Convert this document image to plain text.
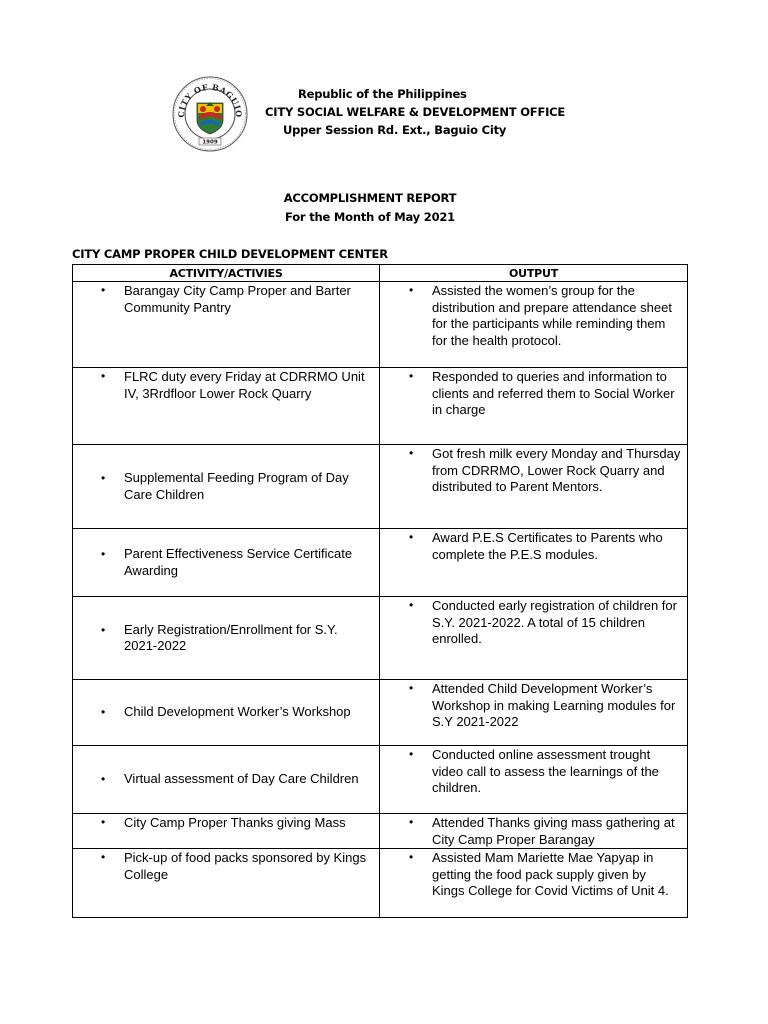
CITY OF BAGUIO
1909
Republic of the Philippines
CITY SOCIAL WELFARE & DEVELOPMENT OFFICE
Upper Session Rd. Ext., Baguio City
ACCOMPLISHMENT REPORT
For the Month of May 2021
CITY CAMP PROPER CHILD DEVELOPMENT CENTER
ACTIVITY/ACTIVIES	OUTPUT

• Barangay City Camp Proper and Barter Community Pantry	• Assisted the women’s group for the distribution and prepare attendance sheet for the participants while reminding them for the health protocol.

• FLRC duty every Friday at CDRRMO Unit IV, 3Rrdfloor Lower Rock Quarry	• Responded to queries and information to clients and referred them to Social Worker in charge

• Supplemental Feeding Program of Day Care Children	• Got fresh milk every Monday and Thursday from CDRRMO, Lower Rock Quarry and distributed to Parent Mentors.

• Parent Effectiveness Service Certificate Awarding	• Award P.E.S Certificates to Parents who complete the P.E.S modules.

• Early Registration/Enrollment for S.Y. 2021-2022	• Conducted early registration of children for S.Y. 2021-2022. A total of 15 children enrolled.

• Child Development Worker’s Workshop	• Attended Child Development Worker’s Workshop in making Learning modules for S.Y 2021-2022

• Virtual assessment of Day Care Children	• Conducted online assessment trought video call to assess the learnings of the children.

• City Camp Proper Thanks giving Mass	• Attended Thanks giving mass gathering at City Camp Proper Barangay

• Pick-up of food packs sponsored by Kings College	• Assisted Mam Mariette Mae Yapyap in getting the food pack supply given by Kings College for Covid Victims of Unit 4.
